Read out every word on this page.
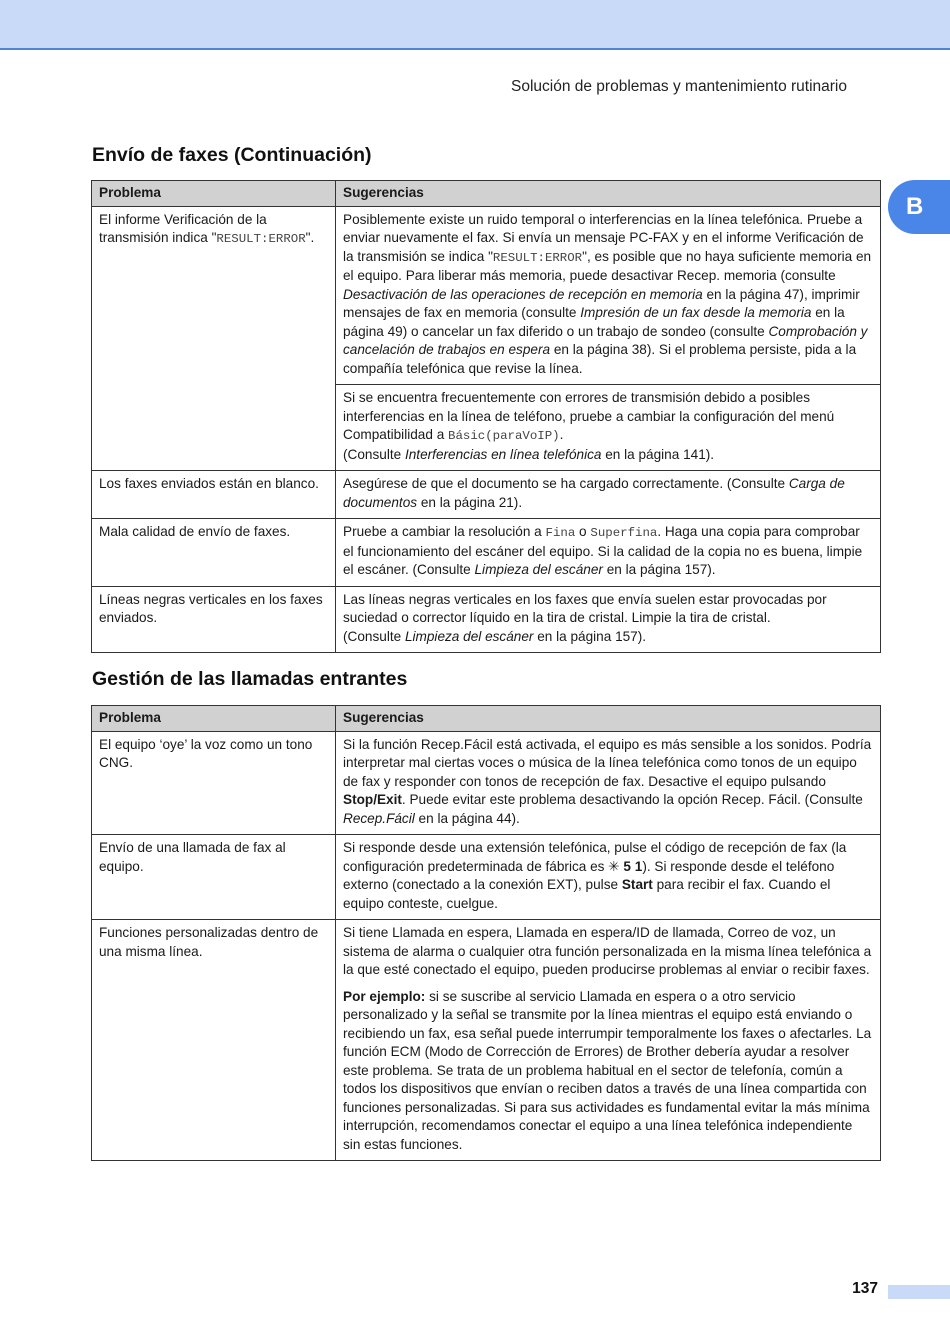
Solución de problemas y mantenimiento rutinario
B
Envío de faxes (Continuación)
Problema	Sugerencias
El informe Verificación de la transmisión indica "RESULT:ERROR".	Posiblemente existe un ruido temporal o interferencias en la línea telefónica. Pruebe a enviar nuevamente el fax. Si envía un mensaje PC-FAX y en el informe Verificación de la transmisión se indica "RESULT:ERROR", es posible que no haya suficiente memoria en el equipo. Para liberar más memoria, puede desactivar Recep. memoria (consulte Desactivación de las operaciones de recepción en memoria en la página 47), imprimir mensajes de fax en memoria (consulte Impresión de un fax desde la memoria en la página 49) o cancelar un fax diferido o un trabajo de sondeo (consulte Comprobación y cancelación de trabajos en espera en la página 38). Si el problema persiste, pida a la compañía telefónica que revise la línea.
	Si se encuentra frecuentemente con errores de transmisión debido a posibles interferencias en la línea de teléfono, pruebe a cambiar la configuración del menú Compatibilidad a Básic(paraVoIP).
(Consulte Interferencias en línea telefónica en la página 141).
Los faxes enviados están en blanco.	Asegúrese de que el documento se ha cargado correctamente. (Consulte Carga de documentos en la página 21).
Mala calidad de envío de faxes.	Pruebe a cambiar la resolución a Fina o Superfina. Haga una copia para comprobar el funcionamiento del escáner del equipo. Si la calidad de la copia no es buena, limpie el escáner. (Consulte Limpieza del escáner en la página 157).
Líneas negras verticales en los faxes enviados.	Las líneas negras verticales en los faxes que envía suelen estar provocadas por suciedad o corrector líquido en la tira de cristal. Limpie la tira de cristal.
(Consulte Limpieza del escáner en la página 157).
Gestión de las llamadas entrantes
Problema	Sugerencias
El equipo ‘oye’ la voz como un tono CNG.	Si la función Recep.Fácil está activada, el equipo es más sensible a los sonidos. Podría interpretar mal ciertas voces o música de la línea telefónica como tonos de un equipo de fax y responder con tonos de recepción de fax. Desactive el equipo pulsando Stop/Exit. Puede evitar este problema desactivando la opción Recep. Fácil. (Consulte Recep.Fácil en la página 44).
Envío de una llamada de fax al equipo.	Si responde desde una extensión telefónica, pulse el código de recepción de fax (la configuración predeterminada de fábrica es ✳ 5 1). Si responde desde el teléfono externo (conectado a la conexión EXT), pulse Start para recibir el fax. Cuando el equipo conteste, cuelgue.
Funciones personalizadas dentro de una misma línea.	Si tiene Llamada en espera, Llamada en espera/ID de llamada, Correo de voz, un sistema de alarma o cualquier otra función personalizada en la misma línea telefónica a la que esté conectado el equipo, pueden producirse problemas al enviar o recibir faxes.

Por ejemplo: si se suscribe al servicio Llamada en espera o a otro servicio personalizado y la señal se transmite por la línea mientras el equipo está enviando o recibiendo un fax, esa señal puede interrumpir temporalmente los faxes o afectarles. La función ECM (Modo de Corrección de Errores) de Brother debería ayudar a resolver este problema. Se trata de un problema habitual en el sector de telefonía, común a todos los dispositivos que envían o reciben datos a través de una línea compartida con funciones personalizadas. Si para sus actividades es fundamental evitar la más mínima interrupción, recomendamos conectar el equipo a una línea telefónica independiente sin estas funciones.

137
